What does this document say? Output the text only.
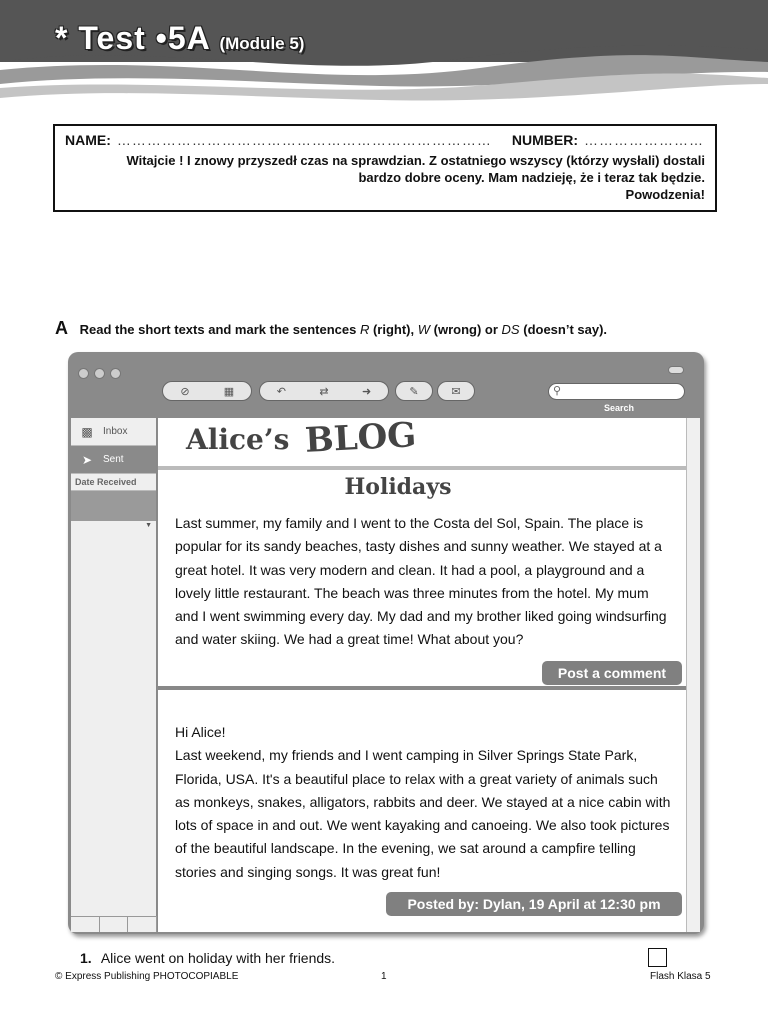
* Test •5A (Module 5)
NAME: ………………………………………………………………… NUMBER: ……………………
Witajcie ! I znowy przyszedł czas na sprawdzian. Z ostatniego wszyscy (którzy wysłali) dostali
bardzo dobre oceny. Mam nadzieję, że i teraz tak będzie.
Powodzenia!
A Read the short texts and mark the sentences R (right), W (wrong) or DS (doesn’t say).
⊘	▦	↶	⇄	➜	✎	✉	⚲
Search
▩ Inbox
➤ Sent
Date Received
▼
Alice’s BLOG
Holidays
Last summer, my family and I went to the Costa del Sol, Spain. The place is popular for its sandy beaches, tasty dishes and sunny weather. We stayed at a great hotel. It was very modern and clean. It had a pool, a playground and a lovely little restaurant. The beach was three minutes from the hotel. My mum and I went swimming every day. My dad and my brother liked going windsurfing and water skiing. We had a great time! What about you?
Post a comment
Hi Alice!
Last weekend, my friends and I went camping in Silver Springs State Park, Florida, USA. It's a beautiful place to relax with a great variety of animals such as monkeys, snakes, alligators, rabbits and deer. We stayed at a nice cabin with lots of space in and out. We went kayaking and canoeing. We also took pictures of the beautiful landscape. In the evening, we sat around a campfire telling stories and singing songs. It was great fun!
Posted by: Dylan, 19 April at 12:30 pm
1. Alice went on holiday with her friends.
© Express Publishing PHOTOCOPIABLE	1	Flash Klasa 5
